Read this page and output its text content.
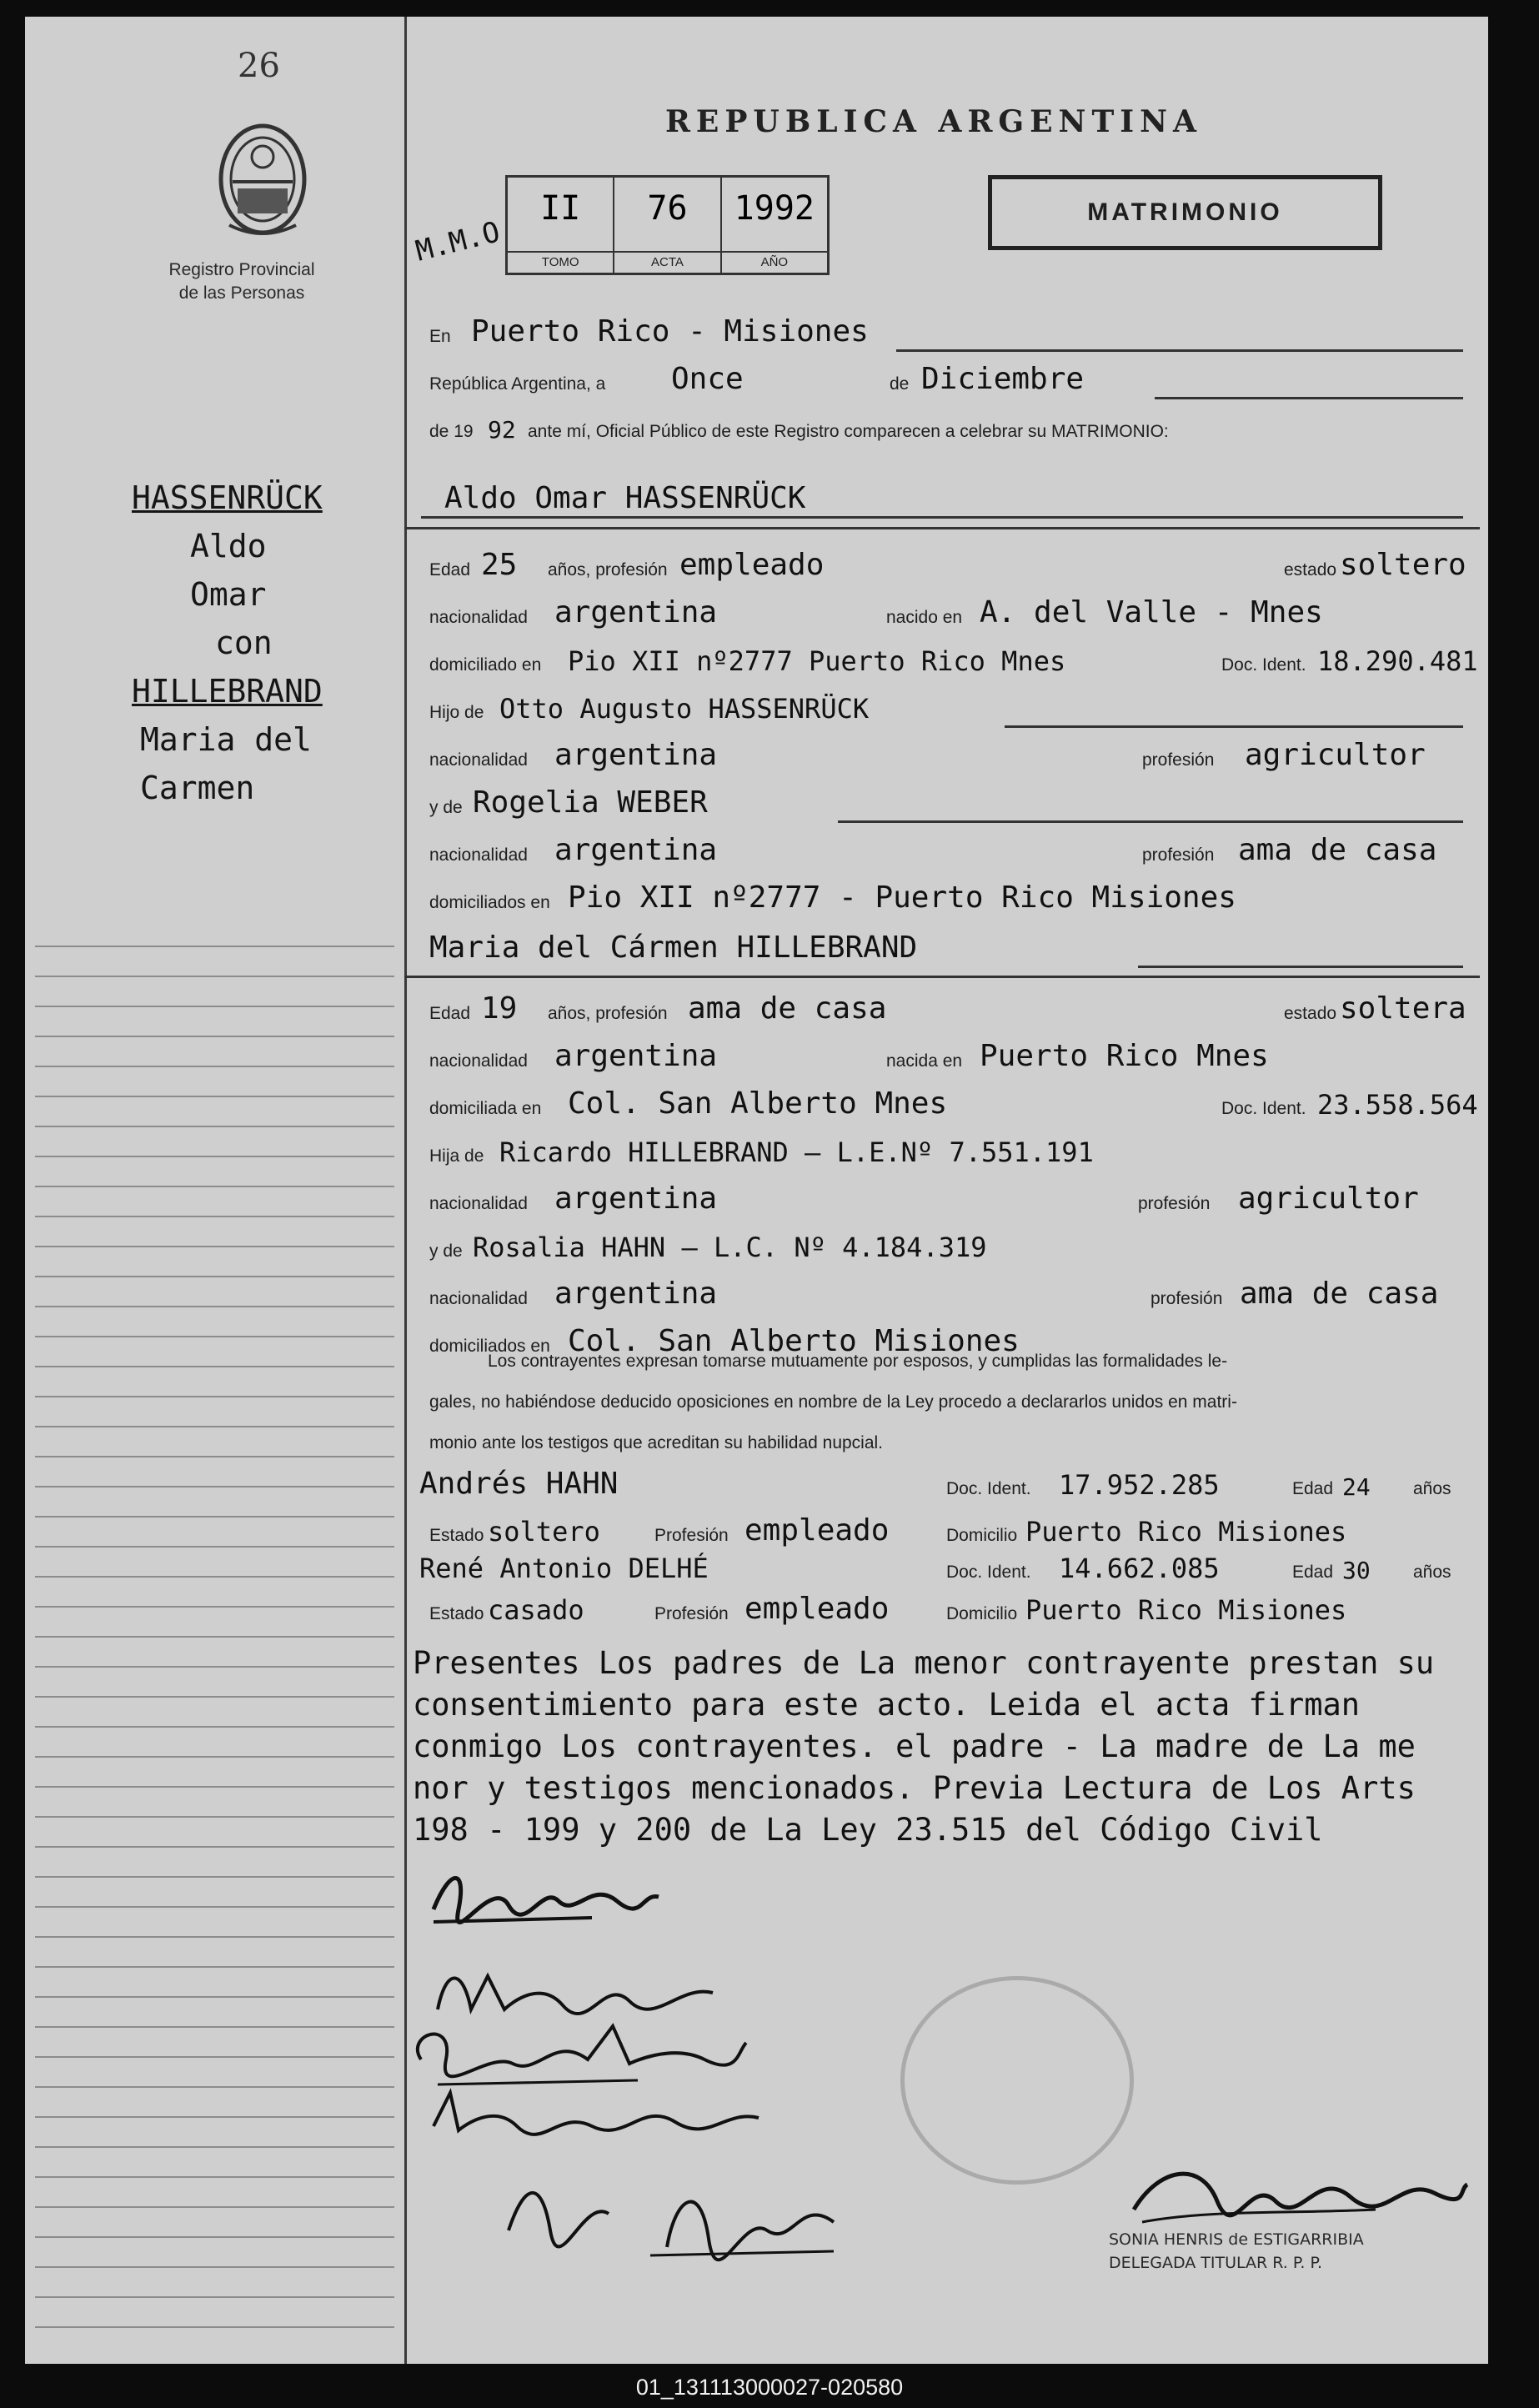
26
Registro Provincial
de las Personas
HASSENRÜCK
Aldo
Omar
con
HILLEBRAND
Maria del
Carmen
REPUBLICA ARGENTINA
M.M.O
II
TOMO
76
ACTA
1992
AÑO
MATRIMONIO
En Puerto Rico - Misiones
República Argentina, a Once	de Diciembre
de 19 92 ante mí, Oficial Público de este Registro comparecen a celebrar su MATRIMONIO:
Aldo Omar HASSENRÜCK
Edad 25 años, profesión empleado	estado soltero
nacionalidad argentina	nacido en A. del Valle - Mnes
domiciliado en Pio XII nº2777 Puerto Rico Mnes	Doc. Ident. 18.290.481
Hijo de Otto Augusto HASSENRÜCK
nacionalidad argentina	profesión agricultor
y de Rogelia WEBER
nacionalidad argentina	profesión ama de casa
domiciliados en Pio XII nº2777 - Puerto Rico Misiones
Maria del Cármen HILLEBRAND
Edad 19 años, profesión ama de casa	estado soltera
nacionalidad argentina	nacida en Puerto Rico Mnes
domiciliada en Col. San Alberto Mnes	Doc. Ident. 23.558.564
Hija de Ricardo HILLEBRAND — L.E.Nº 7.551.191
nacionalidad argentina	profesión agricultor
y de Rosalia HAHN — L.C. Nº 4.184.319
nacionalidad argentina	profesión ama de casa
domiciliados en Col. San Alberto Misiones
Los contrayentes expresan tomarse mutuamente por esposos, y cumplidas las formalidades le-
gales, no habiéndose deducido oposiciones en nombre de la Ley procedo a declararlos unidos en matri-
monio ante los testigos que acreditan su habilidad nupcial.
Andrés HAHN	Doc. Ident. 17.952.285	Edad 24 años
Estado soltero	Profesión empleado	Domicilio Puerto Rico Misiones
René Antonio DELHÉ	Doc. Ident. 14.662.085	Edad 30 años
Estado casado	Profesión empleado	Domicilio Puerto Rico Misiones
Presentes Los padres de La menor contrayente prestan su
consentimiento para este acto. Leida el acta firman
conmigo Los contrayentes. el padre - La madre de La me
nor y testigos mencionados. Previa Lectura de Los Arts
198 - 199 y 200 de La Ley 23.515 del Código Civil
SONIA HENRIS de ESTIGARRIBIA
DELEGADA TITULAR R. P. P.
01_131113000027-020580
